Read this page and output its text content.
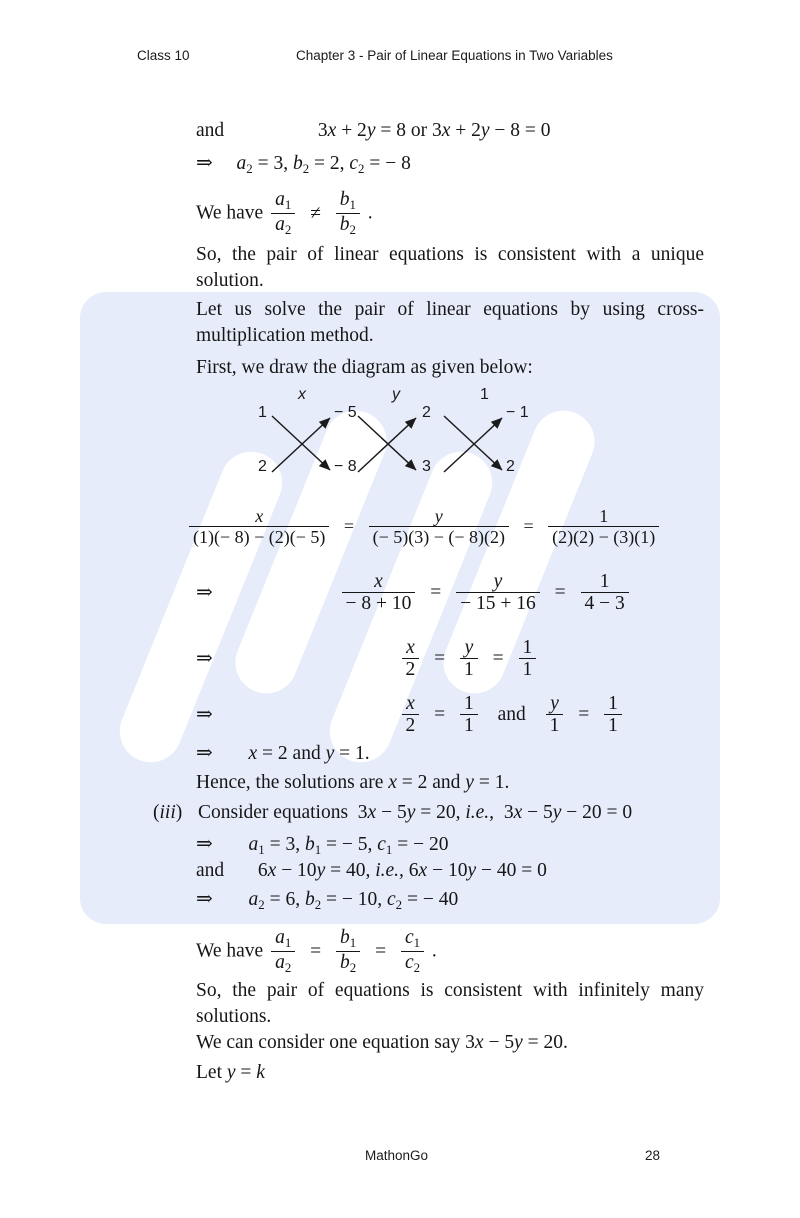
Class 10	Chapter 3 - Pair of Linear Equations in Two Variables
and	3x + 2y = 8 or 3x + 2y − 8 = 0
⇒ $a_2 = 3$, $b_2 = 2$, $c_2$ = − 8
We have $\frac{a_1}{a_2} \ne \frac{b_1}{b_2}$ .
So, the pair of linear equations is consistent with a unique solution.
Let us solve the pair of linear equations by using cross- multiplication method.
First, we draw the diagram as given below:
x	y	1
1
2
− 5
− 8
2
3
− 1
2
$\frac{x}{(1)(- 8) - (2)(- 5)} = \frac{y}{(- 5)(3) - (- 8)(2)} = \frac{1}{(2)(2) - (3)(1)}$
⇒	$\frac{x}{- 8 + 10} = \frac{y}{- 15 + 16} = \frac{1}{4 - 3}$
⇒	$\frac{x}{2} = \frac{y}{1} = \frac{1}{1}$
⇒	$\frac{x}{2} = \frac{1}{1}$ and $\frac{y}{1} = \frac{1}{1}$
⇒ x = 2 and y = 1.
Hence, the solutions are x = 2 and y = 1.
(iii) Consider equations  3x − 5y = 20, i.e.,  3x − 5y − 20 = 0
⇒ $a_1 = 3$, $b_1$ = − 5, $c_1$ = − 20
and 6x − 10y = 40, i.e., 6x − 10y − 40 = 0
⇒ $a_2 = 6$, $b_2$ = − 10, $c_2$ = − 40
We have $\frac{a_1}{a_2} = \frac{b_1}{b_2} = \frac{c_1}{c_2}$ .
So, the pair of equations is consistent with infinitely many solutions.
We can consider one equation say 3x − 5y = 20.
Let y = k
MathonGo	28
